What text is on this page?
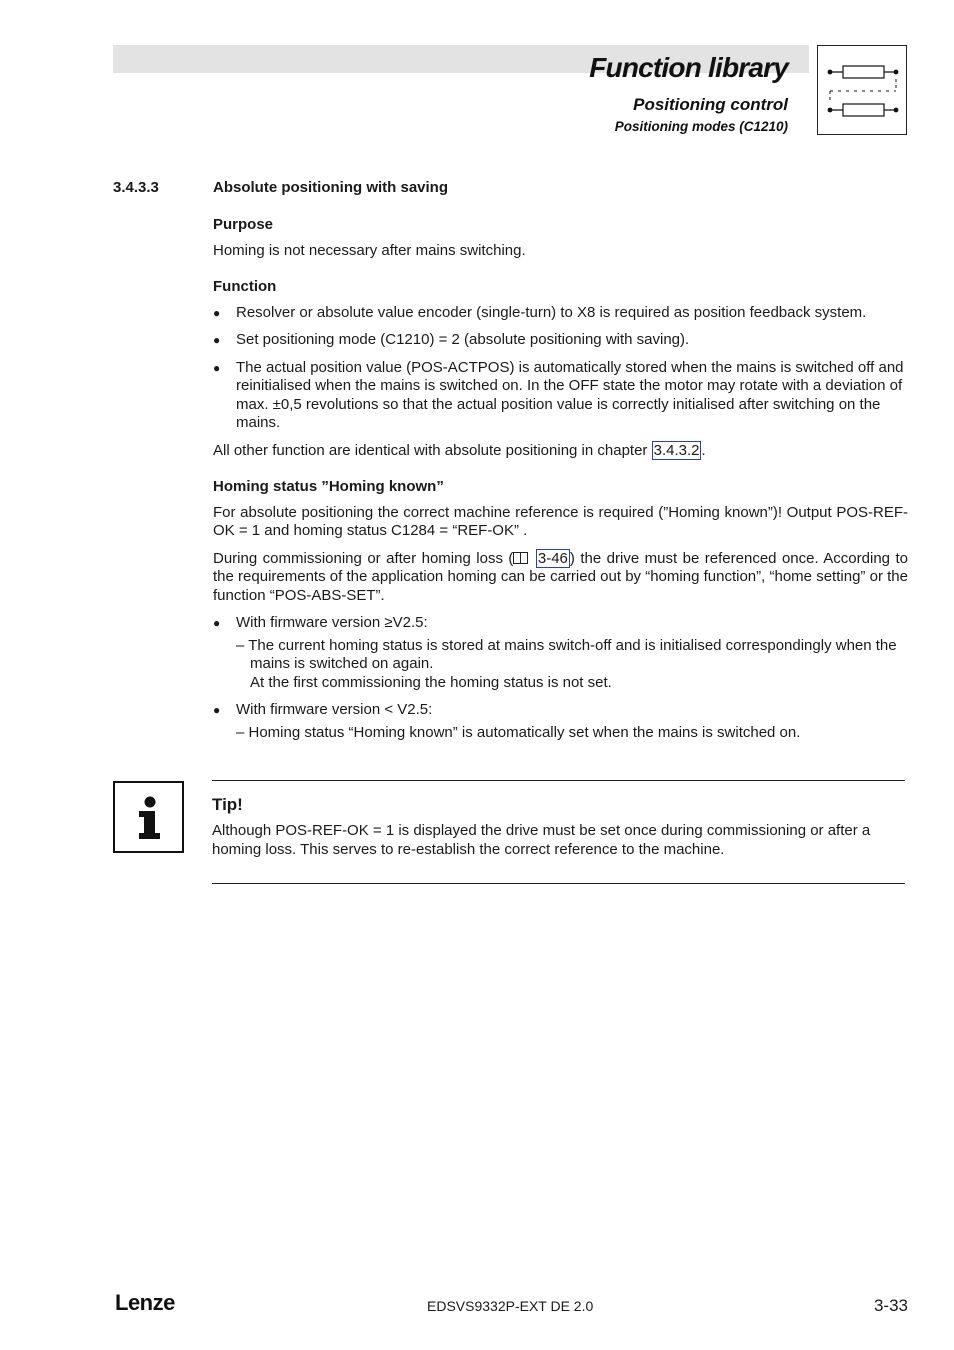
Function library
Positioning control
Positioning modes (C1210)
3.4.3.3	Absolute positioning with saving
Purpose

Homing is not necessary after mains switching.

Function
● Resolver or absolute value encoder (single-turn) to X8 is required as position feedback system.
● Set positioning mode (C1210) = 2 (absolute positioning with saving).
● The actual position value (POS-ACTPOS) is automatically stored when the mains is switched off and reinitialised when the mains is switched on. In the OFF state the motor may rotate with a deviation of max. ±0,5 revolutions so that the actual position value is correctly initialised after switching on the mains.

All other function are identical with absolute positioning in chapter 3.4.3.2 .

Homing status ”Homing known”

For absolute positioning the correct machine reference is required (”Homing known”)! Output POS-REF-OK = 1 and homing status C1284 = “REF-OK” .

During commissioning or after homing loss ( 3-46 ) the drive must be referenced once. According to the requirements of the application homing can be carried out by “homing function”, “home setting” or the function “POS-ABS-SET”.

● With firmware version ≥V2.5:
– The current homing status is stored at mains switch-off and is initialised correspondingly when the mains is switched on again.
At the first commissioning the homing status is not set.
● With firmware version < V2.5:
– Homing status “Homing known” is automatically set when the mains is switched on.
Tip!
Although POS-REF-OK = 1 is displayed the drive must be set once during commissioning or after a homing loss. This serves to re-establish the correct reference to the machine.
Lenze	EDSVS9332P-EXT DE 2.0	3-33
